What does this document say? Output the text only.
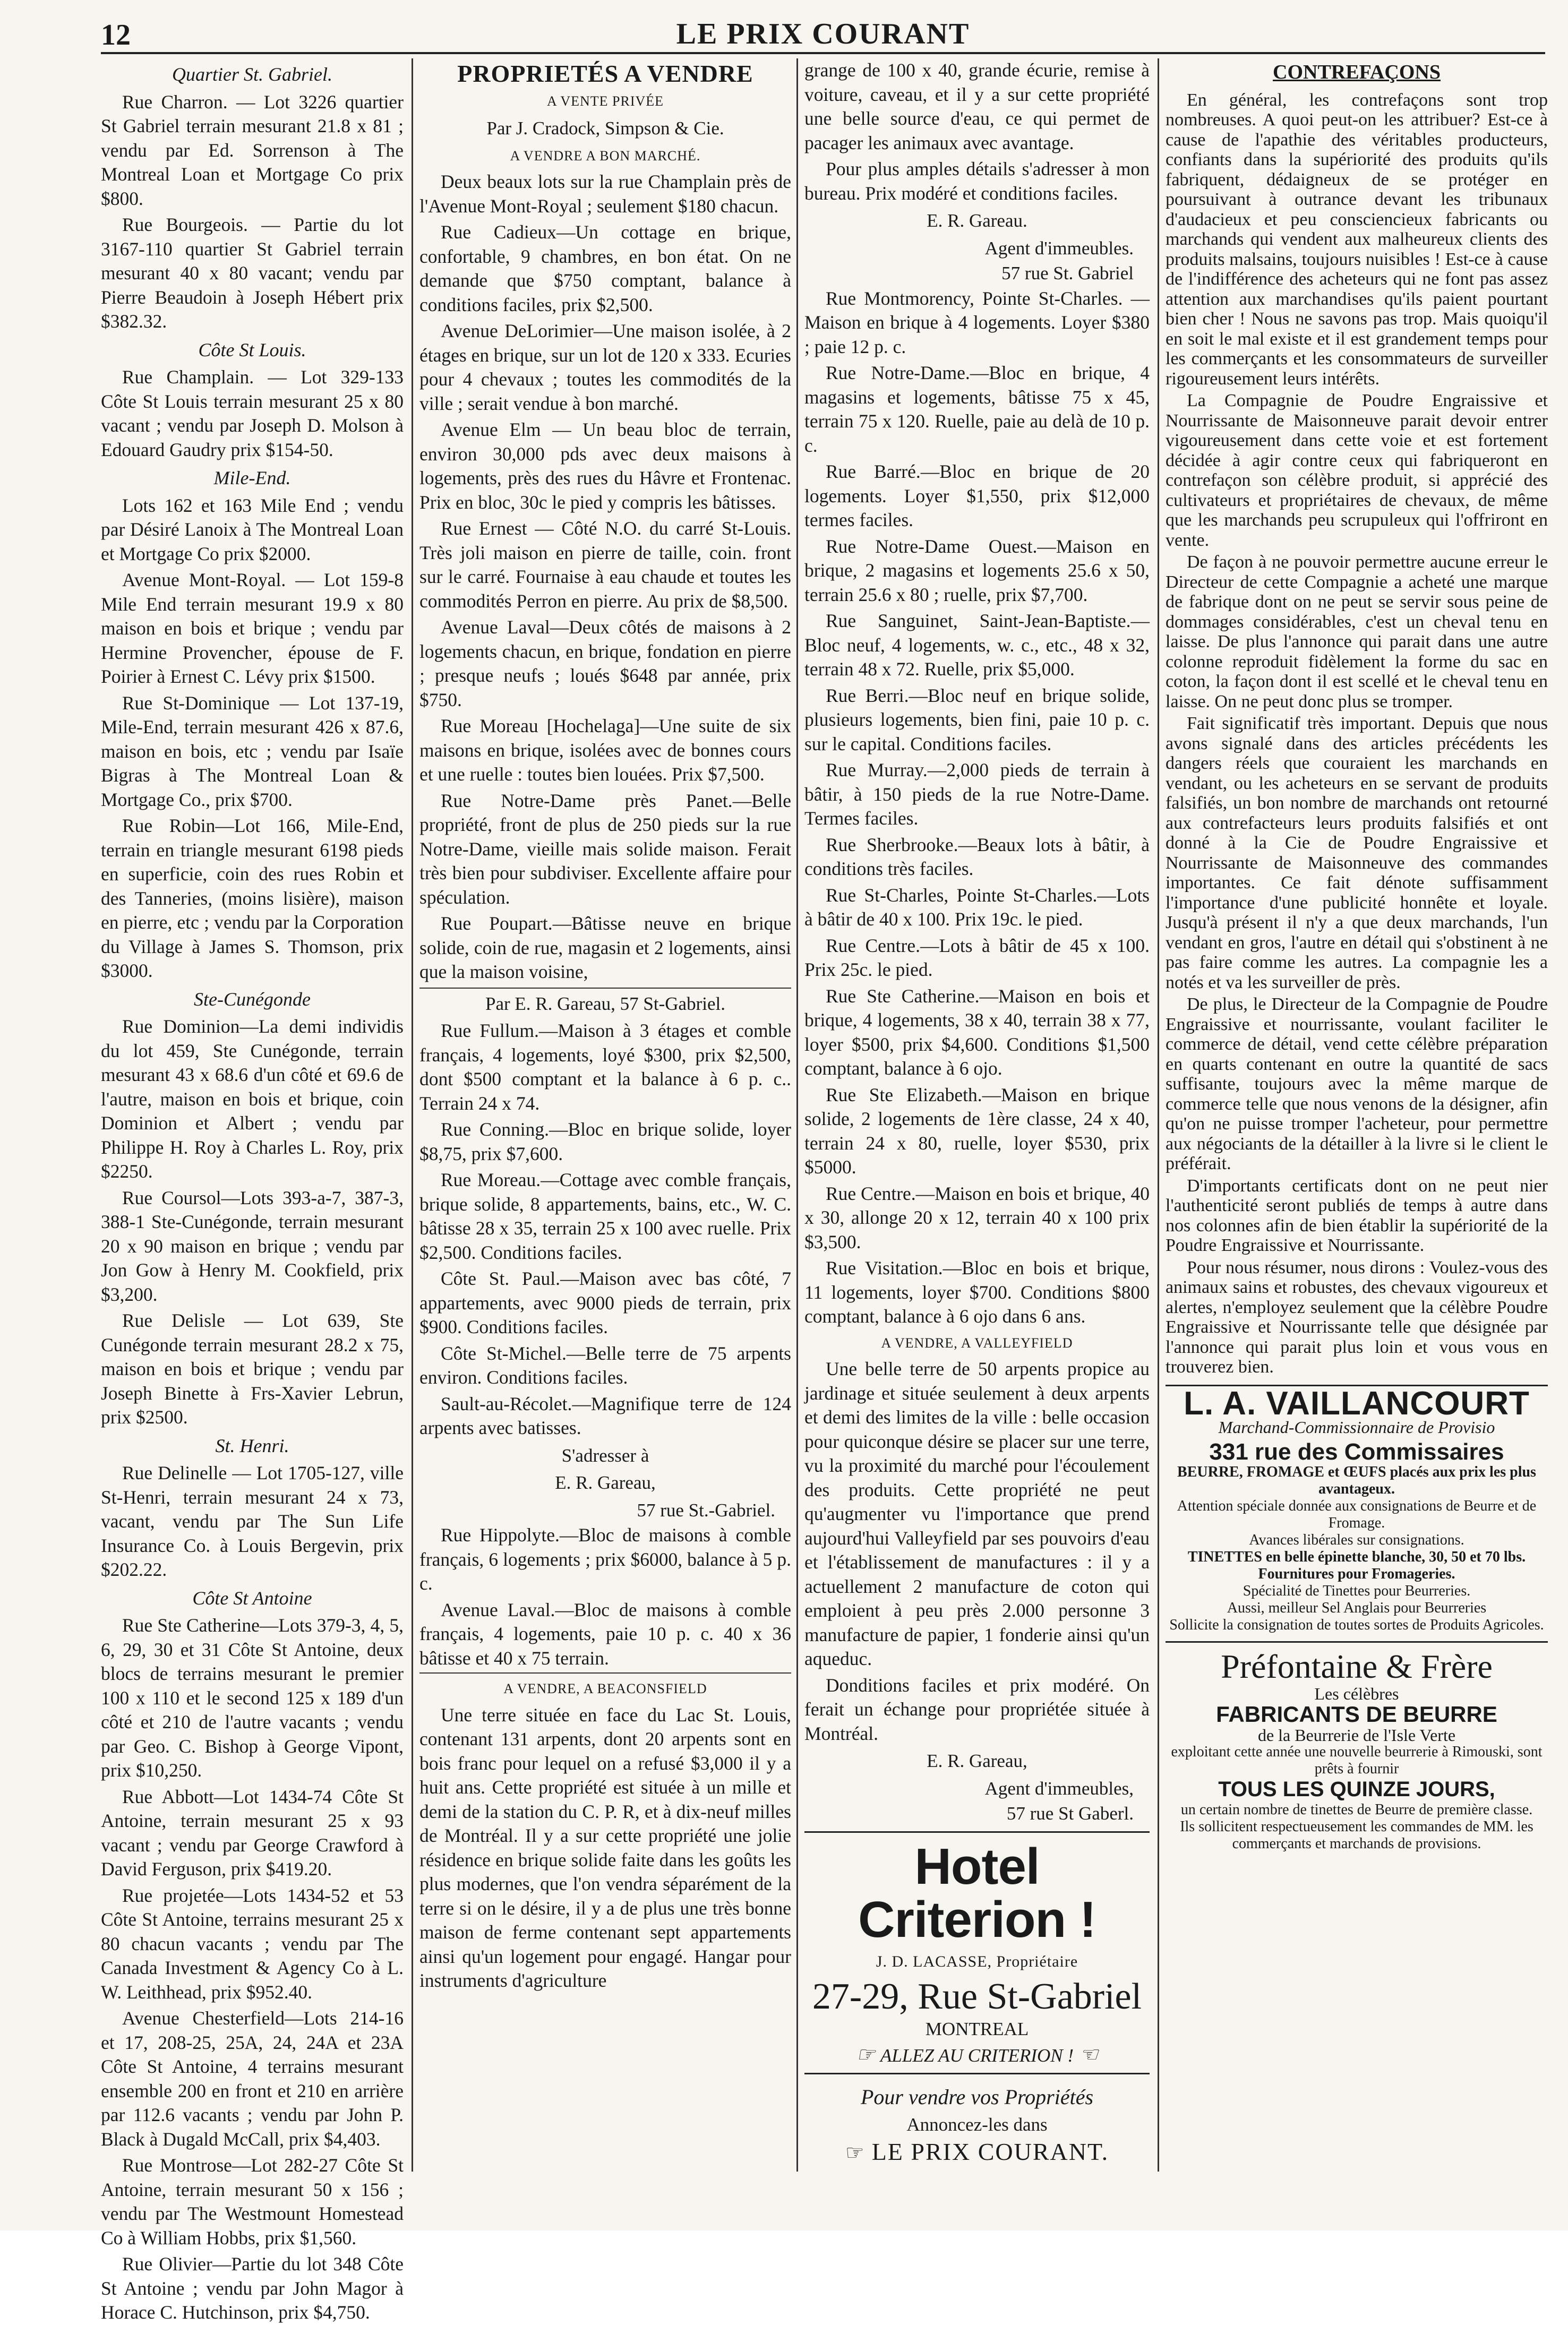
12	LE PRIX COURANT
Quartier St. Gabriel.

Rue Charron. — Lot 3226 quartier St Gabriel terrain mesurant 21.8 x 81 ; vendu par Ed. Sorrenson à The Montreal Loan et Mortgage Co prix $800.

Rue Bourgeois. — Partie du lot 3167-110 quartier St Gabriel terrain mesurant 40 x 80 vacant; vendu par Pierre Beaudoin à Joseph Hébert prix $382.32.

Côte St Louis.

Rue Champlain. — Lot 329-133 Côte St Louis terrain mesurant 25 x 80 vacant ; vendu par Joseph D. Molson à Edouard Gaudry prix $154-50.

Mile-End.

Lots 162 et 163 Mile End ; vendu par Désiré Lanoix à The Montreal Loan et Mortgage Co prix $2000.

Avenue Mont-Royal. — Lot 159-8 Mile End terrain mesurant 19.9 x 80 maison en bois et brique ; vendu par Hermine Provencher, épouse de F. Poirier à Ernest C. Lévy prix $1500.

Rue St-Dominique — Lot 137-19, Mile-End, terrain mesurant 426 x 87.6, maison en bois, etc ; vendu par Isaïe Bigras à The Montreal Loan & Mortgage Co., prix $700.

Rue Robin—Lot 166, Mile-End, terrain en triangle mesurant 6198 pieds en superficie, coin des rues Robin et des Tanneries, (moins lisière), maison en pierre, etc ; vendu par la Corporation du Village à James S. Thomson, prix $3000.

Ste-Cunégonde

Rue Dominion—La demi individis du lot 459, Ste Cunégonde, terrain mesurant 43 x 68.6 d'un côté et 69.6 de l'autre, maison en bois et brique, coin Dominion et Albert ; vendu par Philippe H. Roy à Charles L. Roy, prix $2250.

Rue Coursol—Lots 393-a-7, 387-3, 388-1 Ste-Cunégonde, terrain mesurant 20 x 90 maison en brique ; vendu par Jon Gow à Henry M. Cookfield, prix $3,200.

Rue Delisle — Lot 639, Ste Cunégonde terrain mesurant 28.2 x 75, maison en bois et brique ; vendu par Joseph Binette à Frs-Xavier Lebrun, prix $2500.

St. Henri.

Rue Delinelle — Lot 1705-127, ville St-Henri, terrain mesurant 24 x 73, vacant, vendu par The Sun Life Insurance Co. à Louis Bergevin, prix $202.22.

Côte St Antoine

Rue Ste Catherine—Lots 379-3, 4, 5, 6, 29, 30 et 31 Côte St Antoine, deux blocs de terrains mesurant le premier 100 x 110 et le second 125 x 189 d'un côté et 210 de l'autre vacants ; vendu par Geo. C. Bishop à George Vipont, prix $10,250.

Rue Abbott—Lot 1434-74 Côte St Antoine, terrain mesurant 25 x 93 vacant ; vendu par George Crawford à David Ferguson, prix $419.20.

Rue projetée—Lots 1434-52 et 53 Côte St Antoine, terrains mesurant 25 x 80 chacun vacants ; vendu par The Canada Investment & Agency Co à L. W. Leithhead, prix $952.40.

Avenue Chesterfield—Lots 214-16 et 17, 208-25, 25A, 24, 24A et 23A Côte St Antoine, 4 terrains mesurant ensemble 200 en front et 210 en arrière par 112.6 vacants ; vendu par John P. Black à Dugald McCall, prix $4,403.

Rue Montrose—Lot 282-27 Côte St Antoine, terrain mesurant 50 x 156 ; vendu par The Westmount Homestead Co à William Hobbs, prix $1,560.

Rue Olivier—Partie du lot 348 Côte St Antoine ; vendu par John Magor à Horace C. Hutchinson, prix $4,750.

PROPRIETÉS A VENDRE
A VENTE PRIVÉE
Par J. Cradock, Simpson & Cie.
A VENDRE A BON MARCHÉ.

Deux beaux lots sur la rue Champlain près de l'Avenue Mont-Royal ; seulement $180 chacun.

Rue Cadieux—Un cottage en brique, confortable, 9 chambres, en bon état. On ne demande que $750 comptant, balance à conditions faciles, prix $2,500.

Avenue DeLorimier—Une maison isolée, à 2 étages en brique, sur un lot de 120 x 333. Ecuries pour 4 chevaux ; toutes les commodités de la ville ; serait vendue à bon marché.

Avenue Elm — Un beau bloc de terrain, environ 30,000 pds avec deux maisons à logements, près des rues du Hâvre et Frontenac. Prix en bloc, 30c le pied y compris les bâtisses.

Rue Ernest — Côté N.O. du carré St-Louis. Très joli maison en pierre de taille, coin. front sur le carré. Fournaise à eau chaude et toutes les commodités Perron en pierre. Au prix de $8,500.

Avenue Laval—Deux côtés de maisons à 2 logements chacun, en brique, fondation en pierre ; presque neufs ; loués $648 par année, prix $750.

Rue Moreau [Hochelaga]—Une suite de six maisons en brique, isolées avec de bonnes cours et une ruelle : toutes bien louées. Prix $7,500.

Rue Notre-Dame près Panet.—Belle propriété, front de plus de 250 pieds sur la rue Notre-Dame, vieille mais solide maison. Ferait très bien pour subdiviser. Excellente affaire pour spéculation.

Rue Poupart.—Bâtisse neuve en brique solide, coin de rue, magasin et 2 logements, ainsi que la maison voisine,

Par E. R. Gareau, 57 St-Gabriel.

Rue Fullum.—Maison à 3 étages et comble français, 4 logements, loyé $300, prix $2,500, dont $500 comptant et la balance à 6 p. c.. Terrain 24 x 74.

Rue Conning.—Bloc en brique solide, loyer $8,75, prix $7,600.

Rue Moreau.—Cottage avec comble français, brique solide, 8 appartements, bains, etc., W. C. bâtisse 28 x 35, terrain 25 x 100 avec ruelle. Prix $2,500. Conditions faciles.

Côte St. Paul.—Maison avec bas côté, 7 appartements, avec 9000 pieds de terrain, prix $900. Conditions faciles.

Côte St-Michel.—Belle terre de 75 arpents environ. Conditions faciles.

Sault-au-Récolet.—Magnifique terre de 124 arpents avec batisses.

S'adresser à
E. R. Gareau,
57 rue St.-Gabriel.

Rue Hippolyte.—Bloc de maisons à comble français, 6 logements ; prix $6000, balance à 5 p. c.

Avenue Laval.—Bloc de maisons à comble français, 4 logements, paie 10 p. c. 40 x 36 bâtisse et 40 x 75 terrain.

A VENDRE, A BEACONSFIELD

Une terre située en face du Lac St. Louis, contenant 131 arpents, dont 20 arpents sont en bois franc pour lequel on a refusé $3,000 il y a huit ans. Cette propriété est située à un mille et demi de la station du C. P. R, et à dix-neuf milles de Montréal. Il y a sur cette propriété une jolie résidence en brique solide faite dans les goûts les plus modernes, que l'on vendra séparément de la terre si on le désire, il y a de plus une très bonne maison de ferme contenant sept appartements ainsi qu'un logement pour engagé. Hangar pour instruments d'agriculture

grange de 100 x 40, grande écurie, remise à voiture, caveau, et il y a sur cette propriété une belle source d'eau, ce qui permet de pacager les animaux avec avantage.

Pour plus amples détails s'adresser à mon bureau. Prix modéré et conditions faciles.

E. R. Gareau.
Agent d'immeubles.
57 rue St. Gabriel

Rue Montmorency, Pointe St-Charles. —Maison en brique à 4 logements. Loyer $380 ; paie 12 p. c.

Rue Notre-Dame.—Bloc en brique, 4 magasins et logements, bâtisse 75 x 45, terrain 75 x 120. Ruelle, paie au delà de 10 p. c.

Rue Barré.—Bloc en brique de 20 logements. Loyer $1,550, prix $12,000 termes faciles.

Rue Notre-Dame Ouest.—Maison en brique, 2 magasins et logements 25.6 x 50, terrain 25.6 x 80 ; ruelle, prix $7,700.

Rue Sanguinet, Saint-Jean-Baptiste.—Bloc neuf, 4 logements, w. c., etc., 48 x 32, terrain 48 x 72. Ruelle, prix $5,000.

Rue Berri.—Bloc neuf en brique solide, plusieurs logements, bien fini, paie 10 p. c. sur le capital. Conditions faciles.

Rue Murray.—2,000 pieds de terrain à bâtir, à 150 pieds de la rue Notre-Dame. Termes faciles.

Rue Sherbrooke.—Beaux lots à bâtir, à conditions très faciles.

Rue St-Charles, Pointe St-Charles.—Lots à bâtir de 40 x 100. Prix 19c. le pied.

Rue Centre.—Lots à bâtir de 45 x 100. Prix 25c. le pied.

Rue Ste Catherine.—Maison en bois et brique, 4 logements, 38 x 40, terrain 38 x 77, loyer $500, prix $4,600. Conditions $1,500 comptant, balance à 6 ojo.

Rue Ste Elizabeth.—Maison en brique solide, 2 logements de 1ère classe, 24 x 40, terrain 24 x 80, ruelle, loyer $530, prix $5000.

Rue Centre.—Maison en bois et brique, 40 x 30, allonge 20 x 12, terrain 40 x 100 prix $3,500.

Rue Visitation.—Bloc en bois et brique, 11 logements, loyer $700. Conditions $800 comptant, balance à 6 ojo dans 6 ans.

A VENDRE, A VALLEYFIELD

Une belle terre de 50 arpents propice au jardinage et située seulement à deux arpents et demi des limites de la ville : belle occasion pour quiconque désire se placer sur une terre, vu la proximité du marché pour l'écoulement des produits. Cette propriété ne peut qu'augmenter vu l'importance que prend aujourd'hui Valleyfield par ses pouvoirs d'eau et l'établissement de manufactures : il y a actuellement 2 manufacture de coton qui emploient à peu près 2.000 personne 3 manufacture de papier, 1 fonderie ainsi qu'un aqueduc.

Donditions faciles et prix modéré. On ferait un échange pour propriétée située à Montréal.

E. R. Gareau,
Agent d'immeubles,
57 rue St Gaberl.
Hotel Criterion !
J. D. LACASSE, Propriétaire
27-29, Rue St-Gabriel
MONTREAL
☞ ALLEZ AU CRITERION ! ☜
Pour vendre vos Propriétés
Annoncez-les dans
☞ LE PRIX COURANT.
CONTREFAÇONS

En général, les contrefaçons sont trop nombreuses. A quoi peut-on les attribuer? Est-ce à cause de l'apathie des véritables producteurs, confiants dans la supériorité des produits qu'ils fabriquent, dédaigneux de se protéger en poursuivant à outrance devant les tribunaux d'audacieux et peu consciencieux fabricants ou marchands qui vendent aux malheureux clients des produits malsains, toujours nuisibles ! Est-ce à cause de l'indifférence des acheteurs qui ne font pas assez attention aux marchandises qu'ils paient pourtant bien cher ! Nous ne savons pas trop. Mais quoiqu'il en soit le mal existe et il est grandement temps pour les commerçants et les consommateurs de surveiller rigoureusement leurs intérêts.

La Compagnie de Poudre Engraissive et Nourrissante de Maisonneuve parait devoir entrer vigoureusement dans cette voie et est fortement décidée à agir contre ceux qui fabriqueront en contrefaçon son célèbre produit, si apprécié des cultivateurs et propriétaires de chevaux, de même que les marchands peu scrupuleux qui l'offriront en vente.

De façon à ne pouvoir permettre aucune erreur le Directeur de cette Compagnie a acheté une marque de fabrique dont on ne peut se servir sous peine de dommages considérables, c'est un cheval tenu en laisse. De plus l'annonce qui parait dans une autre colonne reproduit fidèlement la forme du sac en coton, la façon dont il est scellé et le cheval tenu en laisse. On ne peut donc plus se tromper.

Fait significatif très important. Depuis que nous avons signalé dans des articles précédents les dangers réels que couraient les marchands en vendant, ou les acheteurs en se servant de produits falsifiés, un bon nombre de marchands ont retourné aux contrefacteurs leurs produits falsifiés et ont donné à la Cie de Poudre Engraissive et Nourrissante de Maisonneuve des commandes importantes. Ce fait dénote suffisamment l'importance d'une publicité honnête et loyale. Jusqu'à présent il n'y a que deux marchands, l'un vendant en gros, l'autre en détail qui s'obstinent à ne pas faire comme les autres. La compagnie les a notés et va les surveiller de près.

De plus, le Directeur de la Compagnie de Poudre Engraissive et nourrissante, voulant faciliter le commerce de détail, vend cette célèbre préparation en quarts contenant en outre la quantité de sacs suffisante, toujours avec la même marque de commerce telle que nous venons de la désigner, afin qu'on ne puisse tromper l'acheteur, pour permettre aux négociants de la détailler à la livre si le client le préférait.

D'importants certificats dont on ne peut nier l'authenticité seront publiés de temps à autre dans nos colonnes afin de bien établir la supériorité de la Poudre Engraissive et Nourrissante.

Pour nous résumer, nous dirons : Voulez-vous des animaux sains et robustes, des chevaux vigoureux et alertes, n'employez seulement que la célèbre Poudre Engraissive et Nourrissante telle que désignée par l'annonce qui parait plus loin et vous vous en trouverez bien.

L. A. VAILLANCOURT
Marchand-Commissionnaire de Provisio
331 rue des Commissaires
BEURRE, FROMAGE et ŒUFS placés aux prix les plus avantageux.
Attention spéciale donnée aux consignations de Beurre et de Fromage.
Avances libérales sur consignations.
TINETTES en belle épinette blanche, 30, 50 et 70 lbs. Fournitures pour Fromageries.
Spécialité de Tinettes pour Beurreries.
Aussi, meilleur Sel Anglais pour Beurreries
Sollicite la consignation de toutes sortes de Produits Agricoles.
Préfontaine & Frère
Les célèbres
FABRICANTS DE BEURRE
de la Beurrerie de l'Isle Verte
exploitant cette année une nouvelle beurrerie à Rimouski, sont prêts à fournir
TOUS LES QUINZE JOURS,
un certain nombre de tinettes de Beurre de première classe.
Ils sollicitent respectueusement les commandes de MM. les commerçants et marchands de provisions.
